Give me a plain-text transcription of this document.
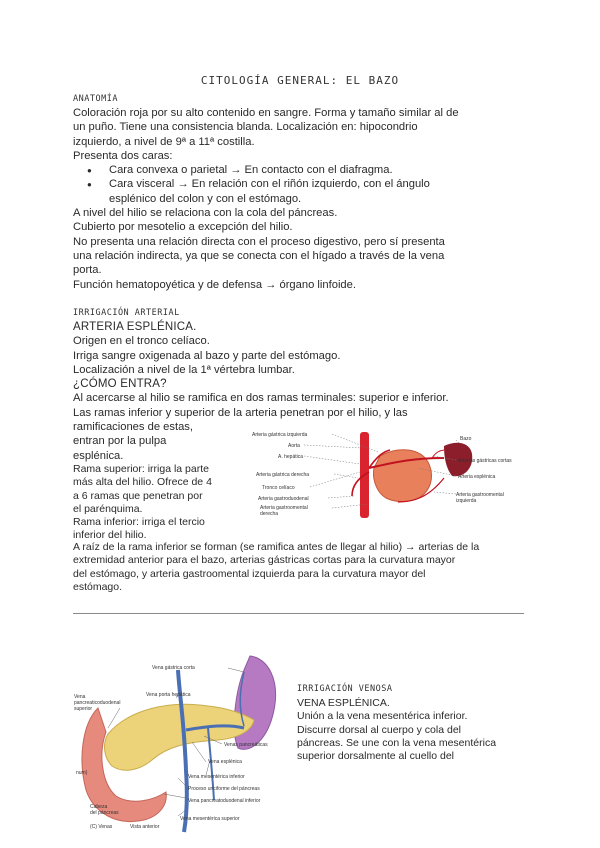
CITOLOGÍA GENERAL: EL BAZO
ANATOMÍA

Coloración roja por su alto contenido en sangre. Forma y tamaño similar al de

un puño. Tiene una consistencia blanda. Localización en: hipocondrio

izquierdo, a nivel de 9ª a 11ª costilla.

Presenta dos caras:

● Cara convexa o parietal → En contacto con el diafragma.

● Cara visceral → En relación con el riñón izquierdo, con el ángulo

esplénico del colon y con el estómago.

A nivel del hilio se relaciona con la cola del páncreas.

Cubierto por mesotelio a excepción del hilio.

No presenta una relación directa con el proceso digestivo, pero sí presenta

una relación indirecta, ya que se conecta con el hígado a través de la vena

porta.

Función hematopoyética y de defensa → órgano linfoide.

IRRIGACIÓN ARTERIAL

ARTERIA ESPLÉNICA.

Origen en el tronco celíaco.

Irriga sangre oxigenada al bazo y parte del estómago.

Localización a nivel de la 1ª vértebra lumbar.

¿CÓMO ENTRA?

Al acercarse al hilio se ramifica en dos ramas terminales: superior e inferior.

Las ramas inferior y superior de la arteria penetran por el hilio, y las

ramificaciones de estas,

entran por la pulpa

esplénica.

Rama superior: irriga la parte

más alta del hilio. Ofrece de 4

a 6 ramas que penetran por

el parénquima.

Rama inferior: irriga el tercio

inferior del hilio.

A raíz de la rama inferior se forman (se ramifica antes de llegar al hilio) → arterias de la

extremidad anterior para el bazo, arterias gástricas cortas para la curvatura mayor

del estómago, y arteria gastroomental izquierda para la curvatura mayor del

estómago.

Arteria gástrica izquierda
Aorta
A. hepática
Arteria gástrica derecha
Tronco celíaco
Arteria gastroduodenal
Arteria gastroomental
derecha
Bazo
Arterias gástricas cortas
Arteria esplénica
Arteria gastroomental
izquierda
Vena gástrica corta
Vena
pancreaticoduodenal
superior
Vena porta hepática
Venas pancreáticas
Vena esplénica
Vena mesentérica inferior
Proceso unciforme del páncreas
Vena pancreatoduodenal inferior
Vena mesentérica superior
Cabeza
del páncreas
(C) Venas	Vista anterior
num)
IRRIGACIÓN VENOSA

VENA ESPLÉNICA.

Unión a la vena mesentérica inferior.

Discurre dorsal al cuerpo y cola del

páncreas. Se une con la vena mesentérica

superior dorsalmente al cuello del
